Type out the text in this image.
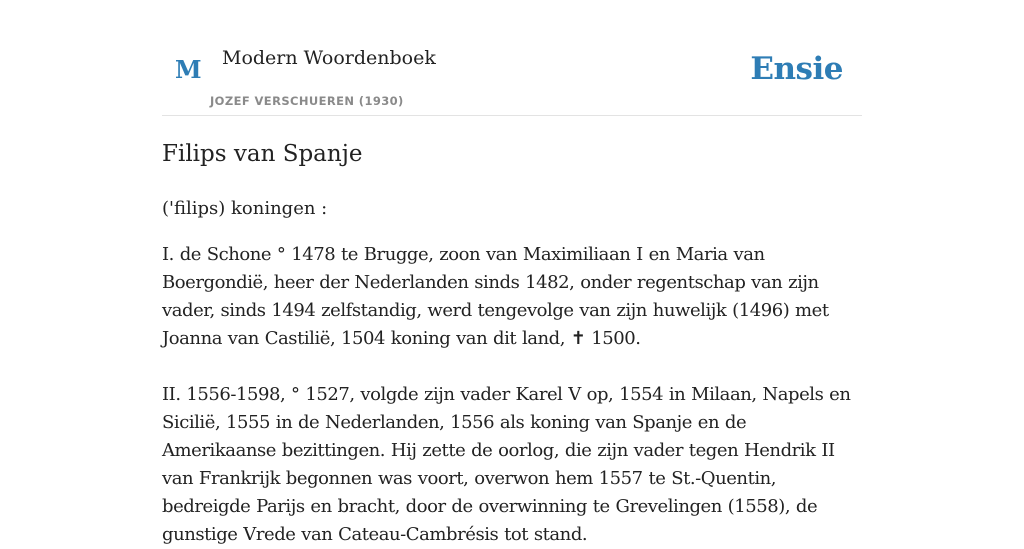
M Modern Woordenboek
JOZEF VERSCHUEREN (1930)
Ensie
Filips van Spanje

('filips) koningen :

I. de Schone ° 1478 te Brugge, zoon van Maximiliaan I en Maria van Boergondië, heer der Nederlanden sinds 1482, onder regentschap van zijn vader, sinds 1494 zelfstandig, werd tengevolge van zijn huwelijk (1496) met Joanna van Castilië, 1504 koning van dit land, ✝ 1500.

II. 1556-1598, ° 1527, volgde zijn vader Karel V op, 1554 in Milaan, Napels en Sicilië, 1555 in de Nederlanden, 1556 als koning van Spanje en de Amerikaanse bezittingen. Hij zette de oorlog, die zijn vader tegen Hendrik II van Frankrijk begonnen was voort, overwon hem 1557 te St.-Quentin, bedreigde Parijs en bracht, door de overwinning te Grevelingen (1558), de gunstige Vrede van Cateau-Cambrésis tot stand.
